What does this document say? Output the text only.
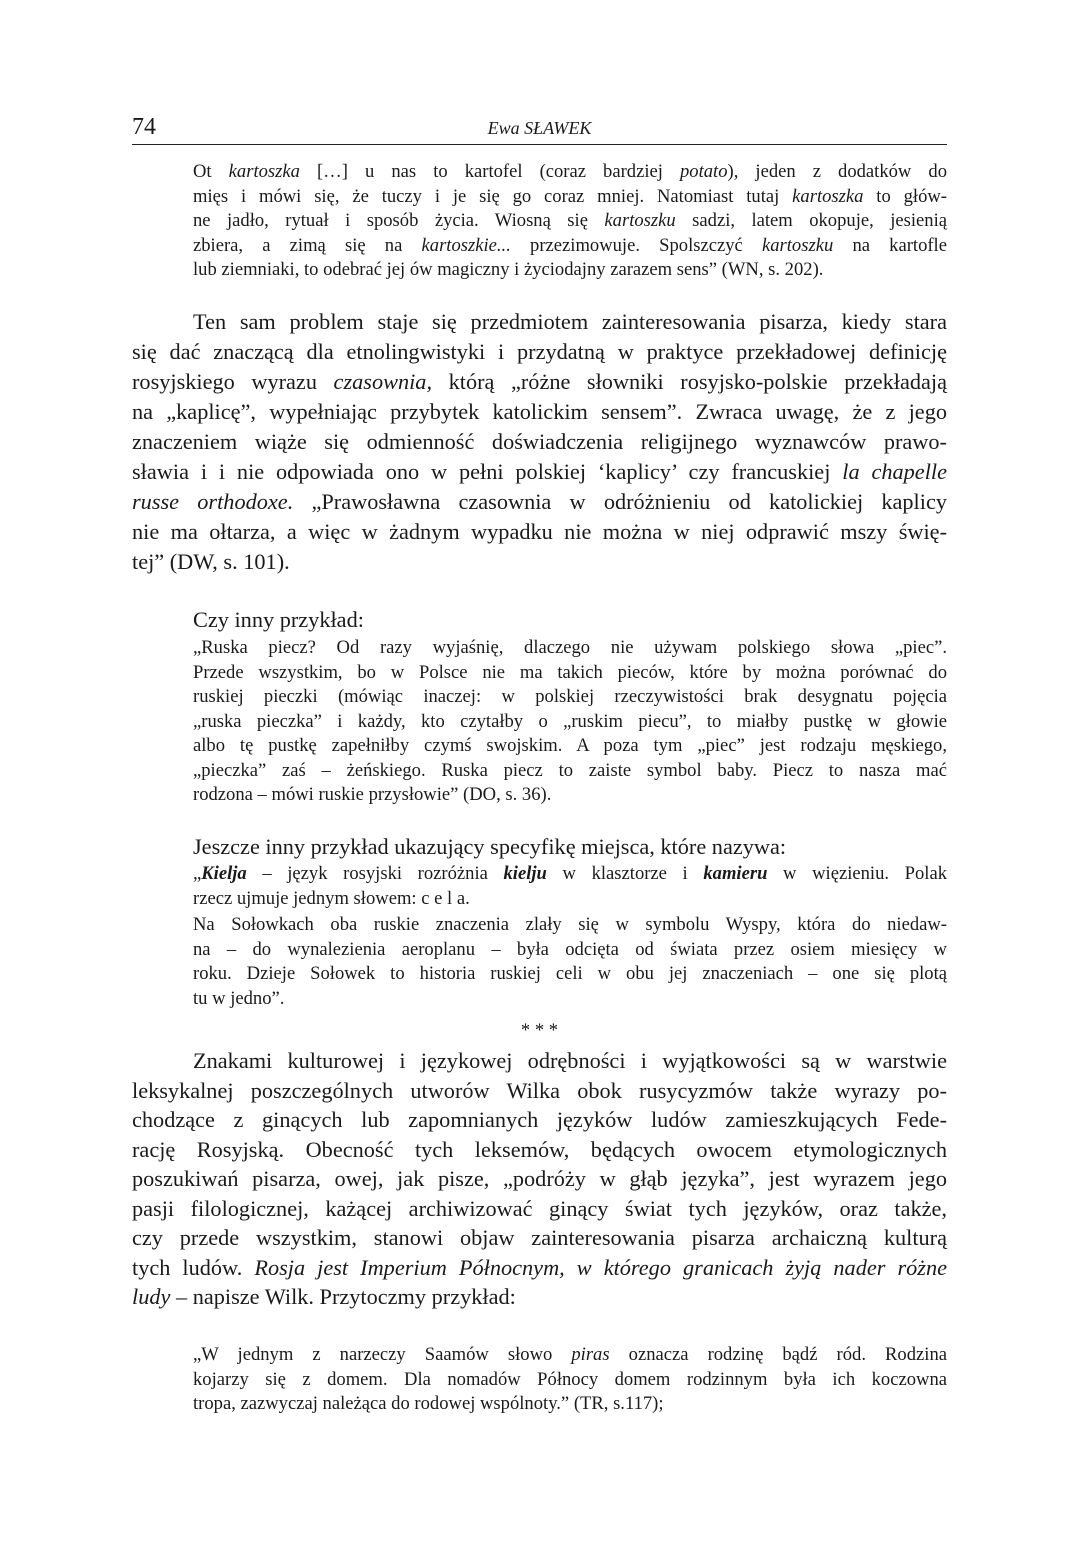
74	Ewa SŁAWEK
Ot kartoszka […] u nas to kartofel (coraz bardziej potato), jeden z dodatków do
mięs i mówi się, że tuczy i je się go coraz mniej. Natomiast tutaj kartoszka to głów-
ne jadło, rytuał i sposób życia. Wiosną się kartoszku sadzi, latem okopuje, jesienią
zbiera, a zimą się na kartoszkie... przezimowuje. Spolszczyć kartoszku na kartofle
lub ziemniaki, to odebrać jej ów magiczny i życiodajny zarazem sens” (WN, s. 202).
Ten sam problem staje się przedmiotem zainteresowania pisarza, kiedy stara
się dać znaczącą dla etnolingwistyki i przydatną w praktyce przekładowej definicję
rosyjskiego wyrazu czasownia, którą „różne słowniki rosyjsko-polskie przekładają
na „kaplicę”, wypełniając przybytek katolickim sensem”. Zwraca uwagę, że z jego
znaczeniem wiąże się odmienność doświadczenia religijnego wyznawców prawo-
sławia i i nie odpowiada ono w pełni polskiej ‘kaplicy’ czy francuskiej la chapelle
russe orthodoxe. „Prawosławna czasownia w odróżnieniu od katolickiej kaplicy
nie ma ołtarza, a więc w żadnym wypadku nie można w niej odprawić mszy świę-
tej” (DW, s. 101).
Czy inny przykład:
„Ruska piecz? Od razy wyjaśnię, dlaczego nie używam polskiego słowa „piec”.
Przede wszystkim, bo w Polsce nie ma takich pieców, które by można porównać do
ruskiej pieczki (mówiąc inaczej: w polskiej rzeczywistości brak desygnatu pojęcia
„ruska pieczka” i każdy, kto czytałby o „ruskim piecu”, to miałby pustkę w głowie
albo tę pustkę zapełniłby czymś swojskim. A poza tym „piec” jest rodzaju męskiego,
„pieczka” zaś – żeńskiego. Ruska piecz to zaiste symbol baby. Piecz to nasza mać
rodzona – mówi ruskie przysłowie” (DO, s. 36).
Jeszcze inny przykład ukazujący specyfikę miejsca, które nazywa:
„Kielja – język rosyjski rozróżnia kielju w klasztorze i kamieru w więzieniu. Polak
rzecz ujmuje jednym słowem: c e l a.
Na Sołowkach oba ruskie znaczenia zlały się w symbolu Wyspy, która do niedaw-
na – do wynalezienia aeroplanu – była odcięta od świata przez osiem miesięcy w
roku. Dzieje Sołowek to historia ruskiej celi w obu jej znaczeniach – one się plotą
tu w jedno”.
* * *
Znakami kulturowej i językowej odrębności i wyjątkowości są w warstwie
leksykalnej poszczególnych utworów Wilka obok rusycyzmów także wyrazy po-
chodzące z ginących lub zapomnianych języków ludów zamieszkujących Fede-
rację Rosyjską. Obecność tych leksemów, będących owocem etymologicznych
poszukiwań pisarza, owej, jak pisze, „podróży w głąb języka”, jest wyrazem jego
pasji filologicznej, każącej archiwizować ginący świat tych języków, oraz także,
czy przede wszystkim, stanowi objaw zainteresowania pisarza archaiczną kulturą
tych ludów. Rosja jest Imperium Północnym, w którego granicach żyją nader różne
ludy – napisze Wilk. Przytoczmy przykład:
„W jednym z narzeczy Saamów słowo piras oznacza rodzinę bądź ród. Rodzina
kojarzy się z domem. Dla nomadów Północy domem rodzinnym była ich koczowna
tropa, zazwyczaj należąca do rodowej wspólnoty.” (TR, s.117);
